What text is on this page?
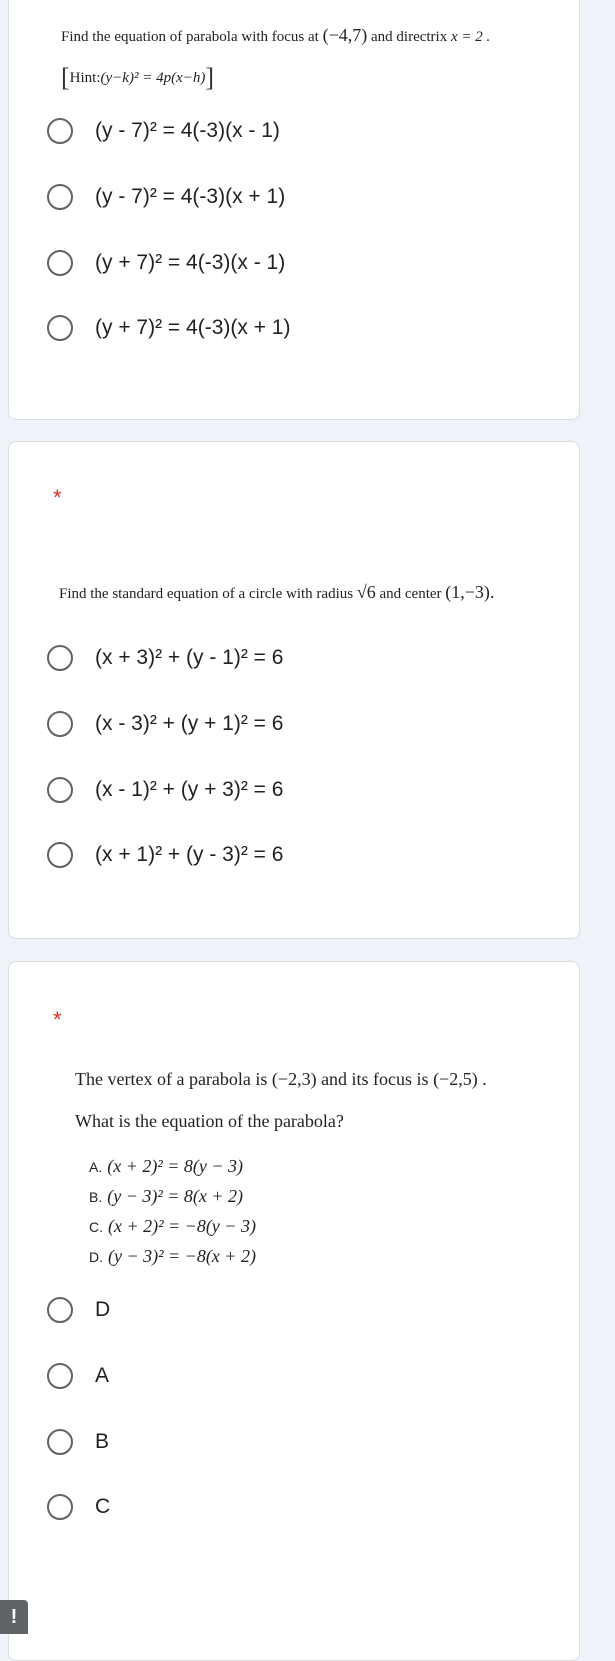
Find the equation of parabola with focus at (−4,7) and directrix x = 2 .
[Hint:(y−k)² = 4p(x−h)]
(y - 7)² = 4(-3)(x - 1)
(y - 7)² = 4(-3)(x + 1)
(y + 7)² = 4(-3)(x - 1)
(y + 7)² = 4(-3)(x + 1)
*
Find the standard equation of a circle with radius √6 and center (1,−3).
(x + 3)² + (y - 1)² = 6
(x - 3)² + (y + 1)² = 6
(x - 1)² + (y + 3)² = 6
(x + 1)² + (y - 3)² = 6
*
The vertex of a parabola is (−2,3) and its focus is (−2,5) .
What is the equation of the parabola?
A. (x + 2)² = 8(y − 3)
B. (y − 3)² = 8(x + 2)
C. (x + 2)² = −8(y − 3)
D. (y − 3)² = −8(x + 2)
D
A
B
C
!
